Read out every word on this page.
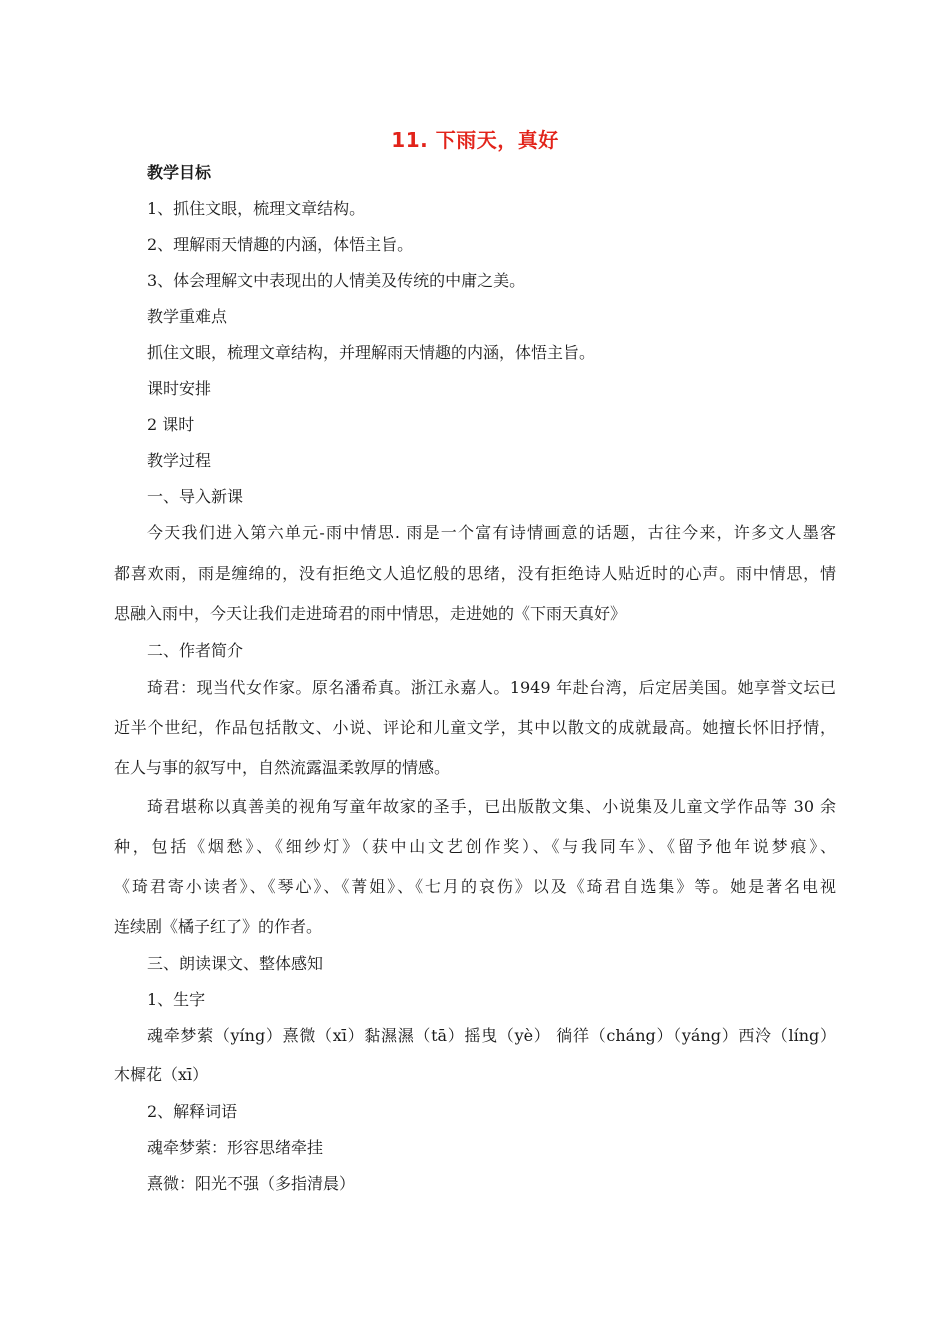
11. 下雨天，真好
教学目标
1、抓住文眼，梳理文章结构。
2、理解雨天情趣的内涵，体悟主旨。
3、体会理解文中表现出的人情美及传统的中庸之美。
教学重难点
抓住文眼，梳理文章结构，并理解雨天情趣的内涵，体悟主旨。
课时安排
2 课时
教学过程
一、导入新课
今天我们进入第六单元-雨中情思. 雨是一个富有诗情画意的话题，古往今来，许多文人墨客
都喜欢雨，雨是缠绵的，没有拒绝文人追忆般的思绪，没有拒绝诗人贴近时的心声。雨中情思，情
思融入雨中，今天让我们走进琦君的雨中情思，走进她的《下雨天真好》
二、作者简介
琦君：现当代女作家。原名潘希真。浙江永嘉人。1949 年赴台湾，后定居美国。她享誉文坛已
近半个世纪，作品包括散文、小说、评论和儿童文学，其中以散文的成就最高。她擅长怀旧抒情，
在人与事的叙写中，自然流露温柔敦厚的情感。
琦君堪称以真善美的视角写童年故家的圣手，已出版散文集、小说集及儿童文学作品等 30 余
种，包括《烟愁》、《细纱灯》（获中山文艺创作奖）、《与我同车》、《留予他年说梦痕》、
《琦君寄小读者》、《琴心》、《菁姐》、《七月的哀伤》以及《琦君自选集》等。她是著名电视
连续剧《橘子红了》的作者。
三、朗读课文、整体感知
1、生字
魂牵梦萦（yíng）熹微（xī）黏濕濕（tā）摇曳（yè） 徜徉（cháng）（yáng）西泠（líng）
木樨花（xī）
2、解释词语
魂牵梦萦：形容思绪牵挂
熹微：阳光不强（多指清晨）
